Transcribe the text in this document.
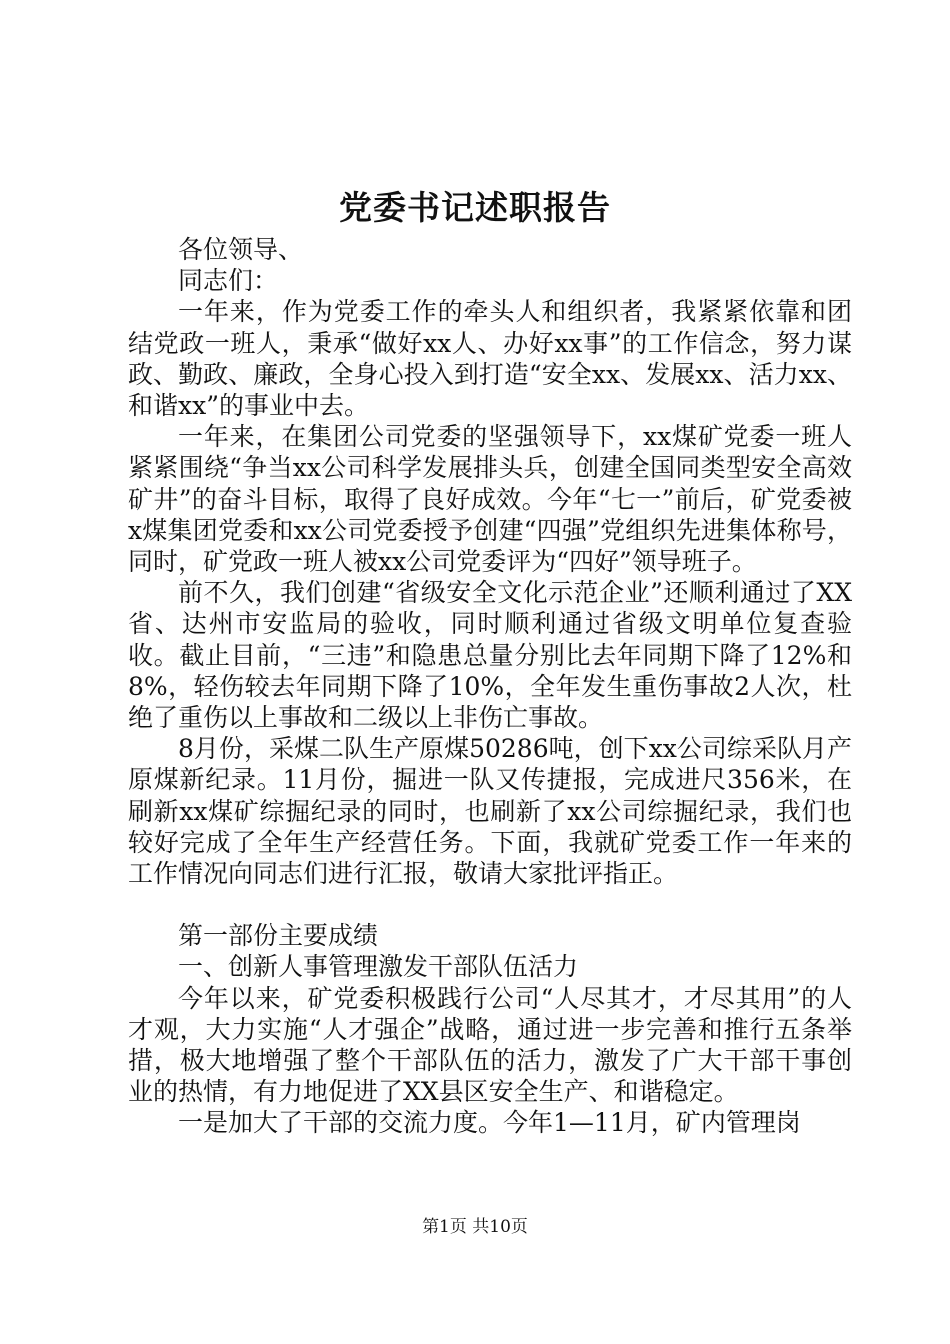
党委书记述职报告

各位领导、

同志们：

一年来，作为党委工作的牵头人和组织者，我紧紧依靠和团结党政一班人，秉承“做好xx人、办好xx事”的工作信念，努力谋政、勤政、廉政，全身心投入到打造“安全xx、发展xx、活力xx、和谐xx”的事业中去。

一年来，在集团公司党委的坚强领导下，xx煤矿党委一班人紧紧围绕“争当xx公司科学发展排头兵，创建全国同类型安全高效矿井”的奋斗目标，取得了良好成效。今年“七一”前后，矿党委被x煤集团党委和xx公司党委授予创建“四强”党组织先进集体称号，同时，矿党政一班人被xx公司党委评为“四好”领导班子。

前不久，我们创建“省级安全文化示范企业”还顺利通过了XX省、达州市安监局的验收，同时顺利通过省级文明单位复查验收。截止目前，“三违”和隐患总量分别比去年同期下降了12%和8%，轻伤较去年同期下降了10%，全年发生重伤事故2人次，杜绝了重伤以上事故和二级以上非伤亡事故。

8月份，采煤二队生产原煤50286吨，创下xx公司综采队月产原煤新纪录。11月份，掘进一队又传捷报，完成进尺356米，在刷新xx煤矿综掘纪录的同时，也刷新了xx公司综掘纪录，我们也较好完成了全年生产经营任务。下面，我就矿党委工作一年来的工作情况向同志们进行汇报，敬请大家批评指正。

第一部份主要成绩

一、创新人事管理激发干部队伍活力

今年以来，矿党委积极践行公司“人尽其才，才尽其用”的人才观，大力实施“人才强企”战略，通过进一步完善和推行五条举措，极大地增强了整个干部队伍的活力，激发了广大干部干事创业的热情，有力地促进了XX县区安全生产、和谐稳定。

一是加大了干部的交流力度。今年1—11月，矿内管理岗

第1页 共10页
